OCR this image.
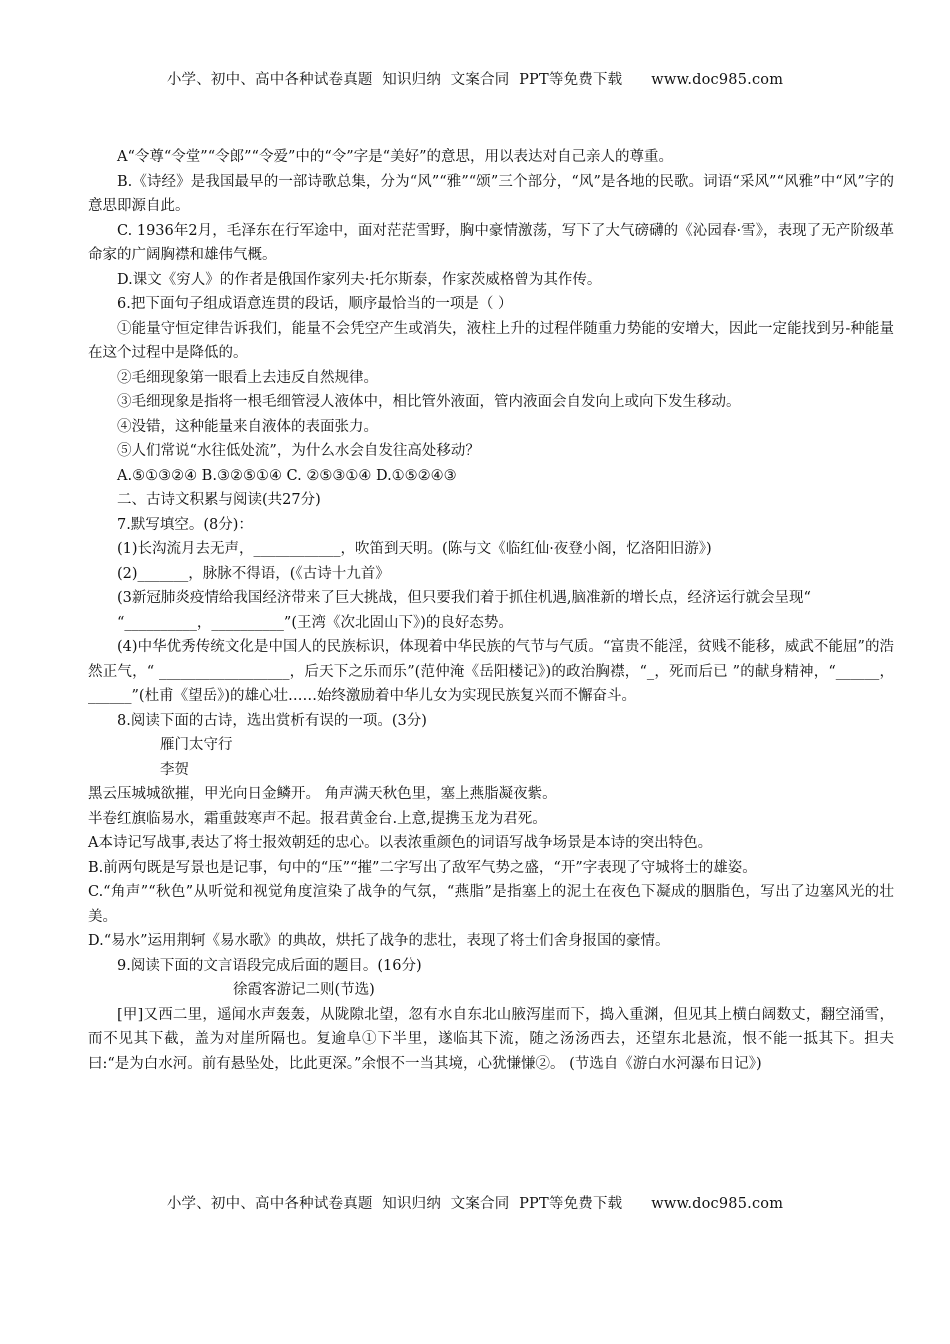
小学、初中、高中各种试卷真题  知识归纳  文案合同  PPT等免费下载      www.doc985.com

A“令尊“令堂”“令郎”“令爱”中的“令”字是“美好”的意思，用以表达对自己亲人的尊重。

B.《诗经》是我国最早的一部诗歌总集，分为“风”“雅”“颂”三个部分，“风”是各地的民歌。词语“采风”“风雅”中“风”字的意思即源自此。

C. 1936年2月，毛泽东在行军途中，面对茫茫雪野，胸中豪情激荡，写下了大气磅礴的《沁园春·雪》，表现了无产阶级革命家的广阔胸襟和雄伟气概。

D.课文《穷人》的作者是俄国作家列夫·托尔斯泰，作家茨威格曾为其作传。

6.把下面句子组成语意连贯的段话，顺序最恰当的一项是（ ）

①能量守恒定律告诉我们，能量不会凭空产生或消失，液柱上升的过程伴随重力势能的安增大，因此一定能找到另-种能量在这个过程中是降低的。

②毛细现象第一眼看上去违反自然规律。

③毛细现象是指将一根毛细管浸人液体中，相比管外液面，管内液面会自发向上或向下发生移动。

④没错，这种能量来自液体的表面张力。

⑤人们常说“水往低处流”，为什么水会自发往高处移动？

A.⑤①③②④ B.③②⑤①④ C. ②⑤③①④ D.①⑤②④③

二、古诗文积累与阅读(共27分)

7.默写填空。(8分)：

(1)长沟流月去无声，____________，吹笛到天明。(陈与文《临红仙·夜登小阁，忆洛阳旧游》)

(2)_______，脉脉不得语，(《古诗十九首》

(3新冠肺炎疫情给我国经济带来了巨大挑战，但只要我们着于抓住机遇,脑准新的增长点，经济运行就会呈现“

“__________，__________”(王湾《次北固山下》)的良好态势。

(4)中华优秀传统文化是中国人的民族标识，体现着中华民族的气节与气质。“富贵不能淫，贫贱不能移，威武不能屈”的浩然正气，“ __________________，后天下之乐而乐”(范仲淹《岳阳楼记》)的政治胸襟，“_，死而后已 ”的献身精神，“______，______”(杜甫《望岳》)的雄心壮……始终激励着中华儿女为实现民族复兴而不懈奋斗。

8.阅读下面的古诗，选出赏析有误的一项。(3分)

雁门太守行

李贺

黑云压城城欲摧，甲光向日金鳞开。 角声满天秋色里，塞上燕脂凝夜紫。

半卷红旗临易水，霜重鼓寒声不起。报君黄金台.上意,提携玉龙为君死。

A本诗记写战事,表达了将士报效朝廷的忠心。以表浓重颜色的词语写战争场景是本诗的突出特色。

B.前两句既是写景也是记事，句中的“压”“摧”二字写出了敌军气势之盛，“开”字表现了守城将士的雄姿。

C.“角声”“秋色”从听觉和视觉角度渲染了战争的气氛，“燕脂”是指塞上的泥土在夜色下凝成的胭脂色，写出了边塞风光的壮美。

D.“易水”运用荆轲《易水歌》的典故，烘托了战争的悲壮，表现了将士们舍身报国的豪情。

9.阅读下面的文言语段完成后面的题目。(16分)

徐霞客游记二则(节选)

[甲]又西二里，遥闻水声轰轰，从陇隙北望，忽有水自东北山腋泻崖而下，捣入重渊，但见其上横白阔数丈，翻空涌雪，而不见其下截，盖为对崖所隔也。复逾阜①下半里，遂临其下流，随之汤汤西去，还望东北悬流，恨不能一抵其下。担夫曰:“是为白水河。前有悬坠处，比此更深。”余恨不一当其境，心犹慊慊②。 (节选自《游白水河瀑布日记》)

小学、初中、高中各种试卷真题  知识归纳  文案合同  PPT等免费下载      www.doc985.com
